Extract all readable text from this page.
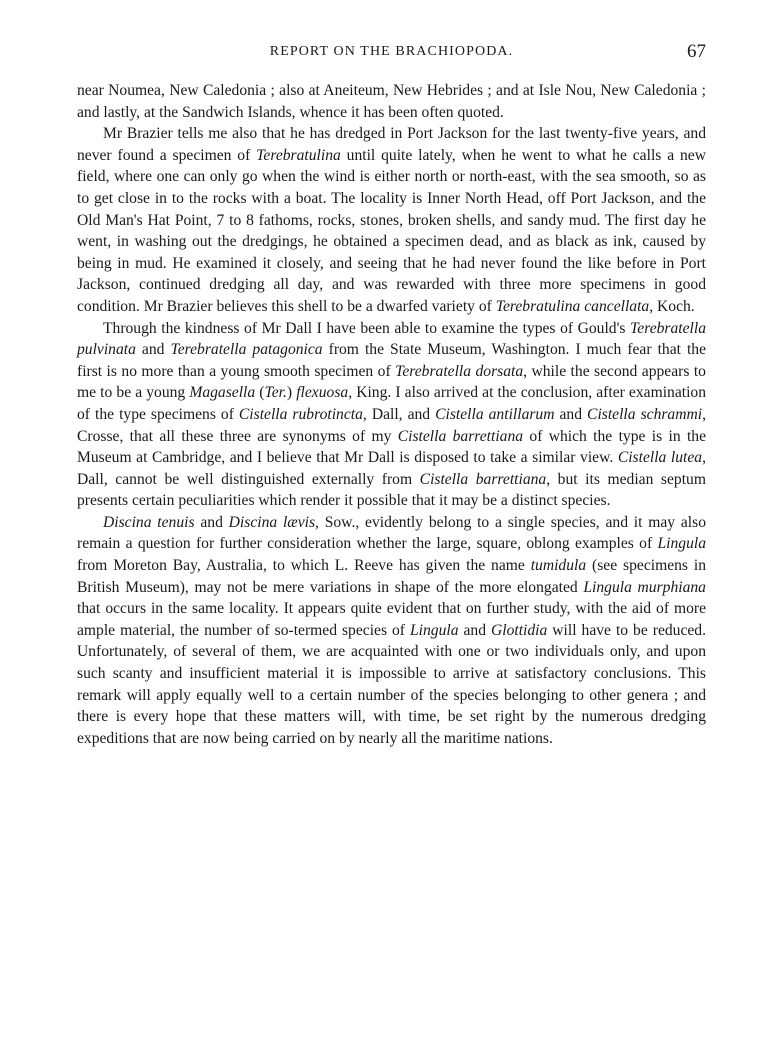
REPORT ON THE BRACHIOPODA.	67

near Noumea, New Caledonia ; also at Aneiteum, New Hebrides ; and at Isle Nou, New Caledonia ; and lastly, at the Sandwich Islands, whence it has been often quoted.

Mr Brazier tells me also that he has dredged in Port Jackson for the last twenty-five years, and never found a specimen of Terebratulina until quite lately, when he went to what he calls a new field, where one can only go when the wind is either north or north-east, with the sea smooth, so as to get close in to the rocks with a boat. The locality is Inner North Head, off Port Jackson, and the Old Man's Hat Point, 7 to 8 fathoms, rocks, stones, broken shells, and sandy mud. The first day he went, in washing out the dredgings, he obtained a specimen dead, and as black as ink, caused by being in mud. He examined it closely, and seeing that he had never found the like before in Port Jackson, continued dredging all day, and was rewarded with three more specimens in good condition. Mr Brazier believes this shell to be a dwarfed variety of Terebratulina cancellata, Koch.

Through the kindness of Mr Dall I have been able to examine the types of Gould's Terebratella pulvinata and Terebratella patagonica from the State Museum, Washington. I much fear that the first is no more than a young smooth specimen of Terebratella dorsata, while the second appears to me to be a young Magasella (Ter.) flexuosa, King. I also arrived at the conclusion, after examination of the type specimens of Cistella rubrotincta, Dall, and Cistella antillarum and Cistella schrammi, Crosse, that all these three are synonyms of my Cistella barrettiana of which the type is in the Museum at Cambridge, and I believe that Mr Dall is disposed to take a similar view. Cistella lutea, Dall, cannot be well distinguished externally from Cistella barrettiana, but its median septum presents certain peculiarities which render it possible that it may be a distinct species.

Discina tenuis and Discina lævis, Sow., evidently belong to a single species, and it may also remain a question for further consideration whether the large, square, oblong examples of Lingula from Moreton Bay, Australia, to which L. Reeve has given the name tumidula (see specimens in British Museum), may not be mere variations in shape of the more elongated Lingula murphiana that occurs in the same locality. It appears quite evident that on further study, with the aid of more ample material, the number of so-termed species of Lingula and Glottidia will have to be reduced. Unfortunately, of several of them, we are acquainted with one or two individuals only, and upon such scanty and insufficient material it is impossible to arrive at satisfactory conclusions. This remark will apply equally well to a certain number of the species belonging to other genera ; and there is every hope that these matters will, with time, be set right by the numerous dredging expeditions that are now being carried on by nearly all the maritime nations.
